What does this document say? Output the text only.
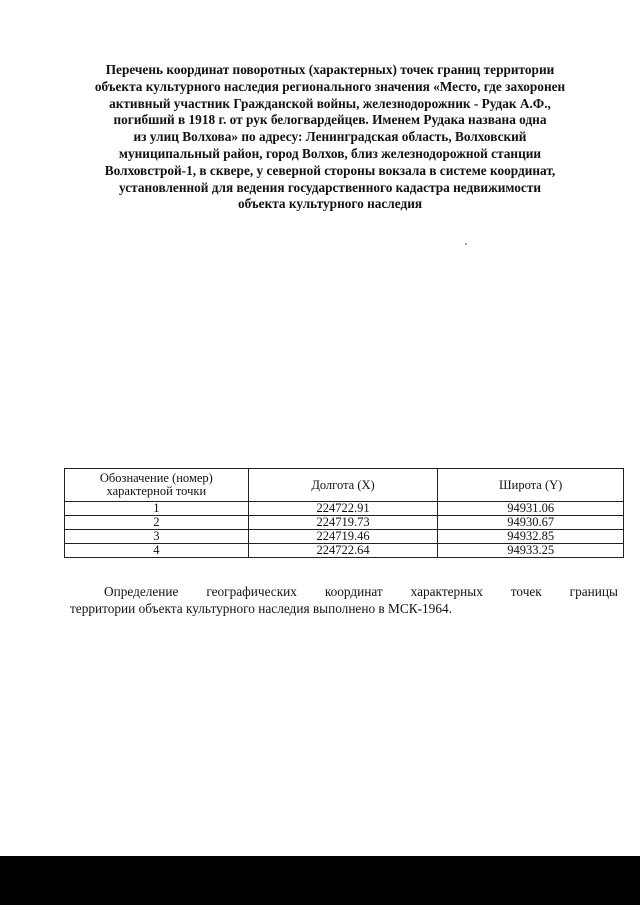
Перечень координат поворотных (характерных) точек границ территории
объекта культурного наследия регионального значения «Место, где захоронен
активный участник Гражданской войны, железнодорожник - Рудак А.Ф.,
погибший в 1918 г. от рук белогвардейцев. Именем Рудака названа одна
из улиц Волхова» по адресу: Ленинградская область, Волховский
муниципальный район, город Волхов, близ железнодорожной станции
Волховстрой-1, в сквере, у северной стороны вокзала в системе координат,
установленной для ведения государственного кадастра недвижимости
объекта культурного наследия
Обозначение (номер)
характерной точки	Долгота (X)	Широта (Y)
1	224722.91	94931.06
2	224719.73	94930.67
3	224719.46	94932.85
4	224722.64	94933.25
Определение географических координат характерных точек границы
территории объекта культурного наследия выполнено в МСК-1964.
